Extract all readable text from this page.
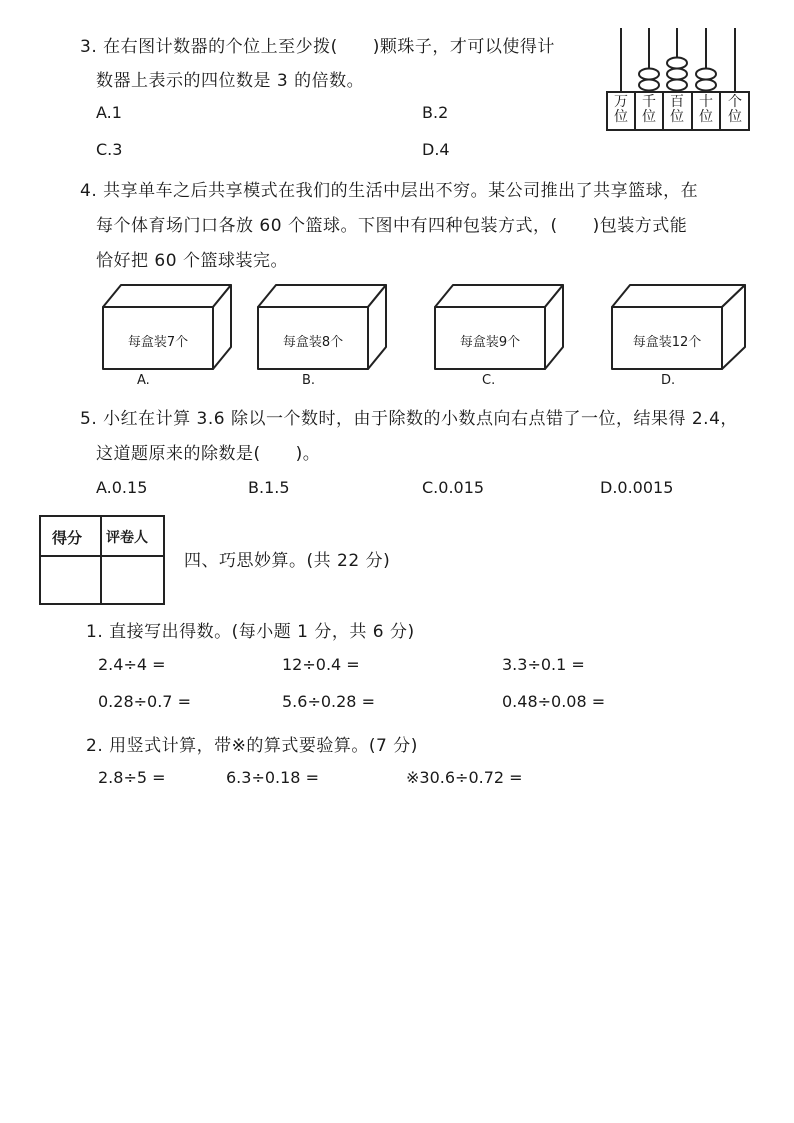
3. 在右图计数器的个位上至少拨(　　)颗珠子，才可以使得计
数器上表示的四位数是 3 的倍数。
A.1	B.2
C.3	D.4
万
位
千
位
百
位
十
位
个
位
4. 共享单车之后共享模式在我们的生活中层出不穷。某公司推出了共享篮球，在
每个体育场门口各放 60 个篮球。下图中有四种包装方式，(　　)包装方式能
恰好把 60 个篮球装完。
每盒装7个	每盒装8个	每盒装9个	每盒装12个
A.	B.	C.	D.
5. 小红在计算 3.6 除以一个数时，由于除数的小数点向右点错了一位，结果得 2.4，
这道题原来的除数是(　　)。
A.0.15	B.1.5	C.0.015	D.0.0015
得分 评卷人
四、巧思妙算。(共 22 分)
1. 直接写出得数。(每小题 1 分，共 6 分)
2.4÷4 =	12÷0.4 =	3.3÷0.1 =
0.28÷0.7 =	5.6÷0.28 =	0.48÷0.08 =
2. 用竖式计算，带※的算式要验算。(7 分)
2.8÷5 =	6.3÷0.18 =	※30.6÷0.72 =
